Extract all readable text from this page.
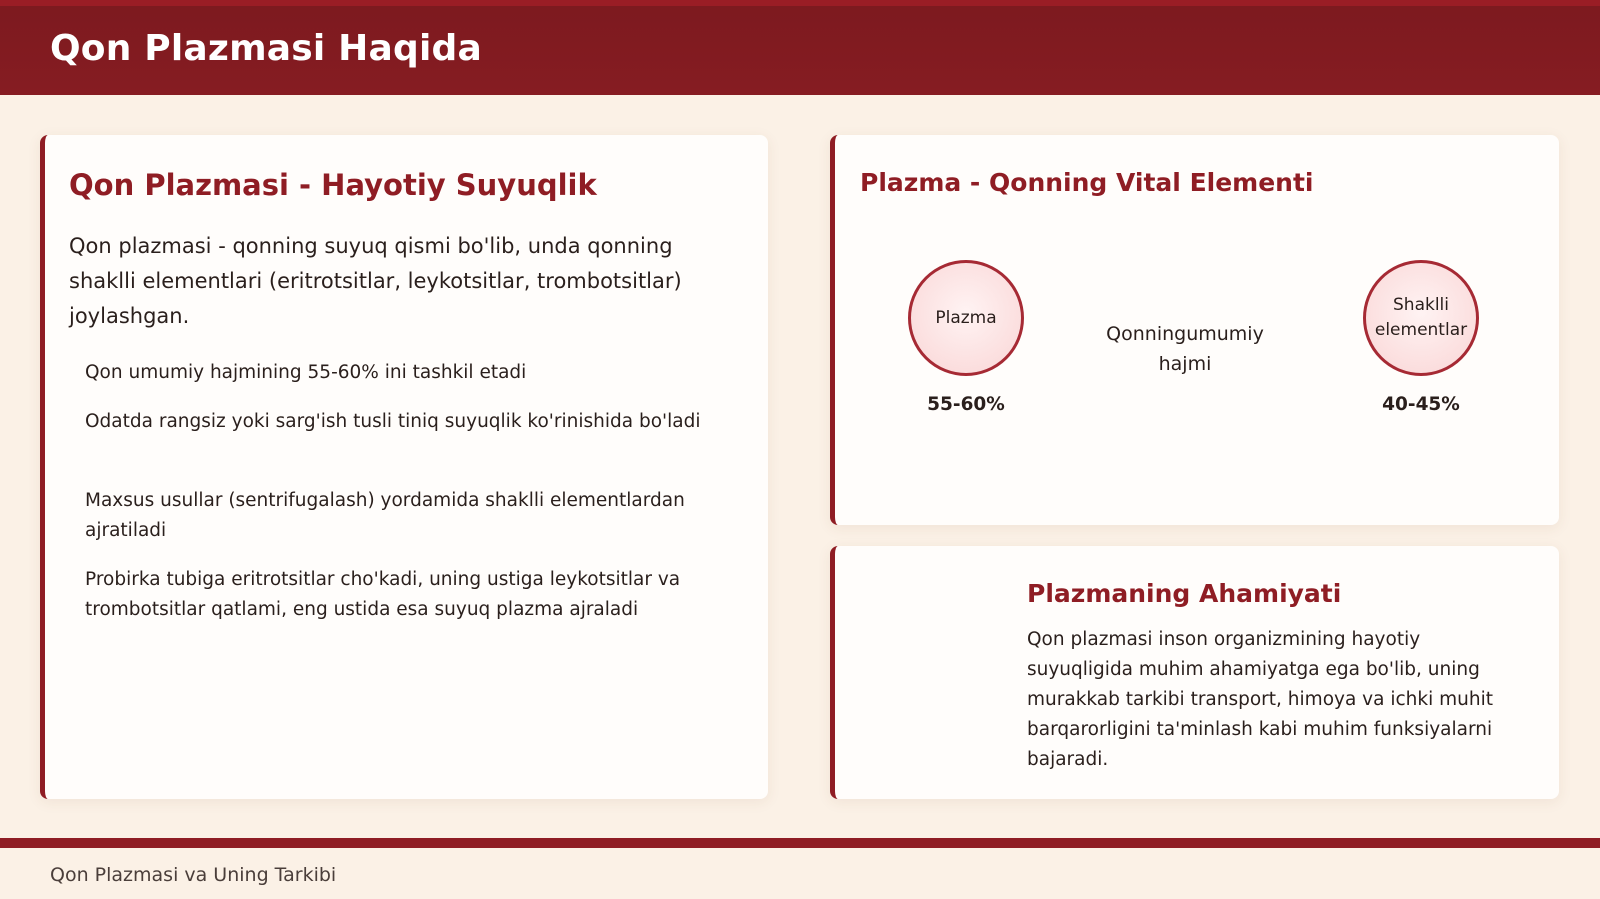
Qon Plazmasi Haqida
Qon Plazmasi - Hayotiy Suyuqlik
Qon plazmasi - qonning suyuq qismi bo'lib, unda qonning shaklli elementlari (eritrotsitlar, leykotsitlar, trombotsitlar) joylashgan.
Qon umumiy hajmining 55-60% ini tashkil etadi
Odatda rangsiz yoki sarg'ish tusli tiniq suyuqlik ko'rinishida bo'ladi
Maxsus usullar (sentrifugalash) yordamida shaklli elementlardan ajratiladi
Probirka tubiga eritrotsitlar cho'kadi, uning ustiga leykotsitlar va trombotsitlar qatlami, eng ustida esa suyuq plazma ajraladi
Plazma - Qonning Vital Elementi
Plazma
55-60%
Qonningumumiy hajmi
Shaklli elementlar
40-45%
Plazmaning Ahamiyati
Qon plazmasi inson organizmining hayotiy suyuqligida muhim ahamiyatga ega bo'lib, uning murakkab tarkibi transport, himoya va ichki muhit barqarorligini ta'minlash kabi muhim funksiyalarni bajaradi.
Qon Plazmasi va Uning Tarkibi
